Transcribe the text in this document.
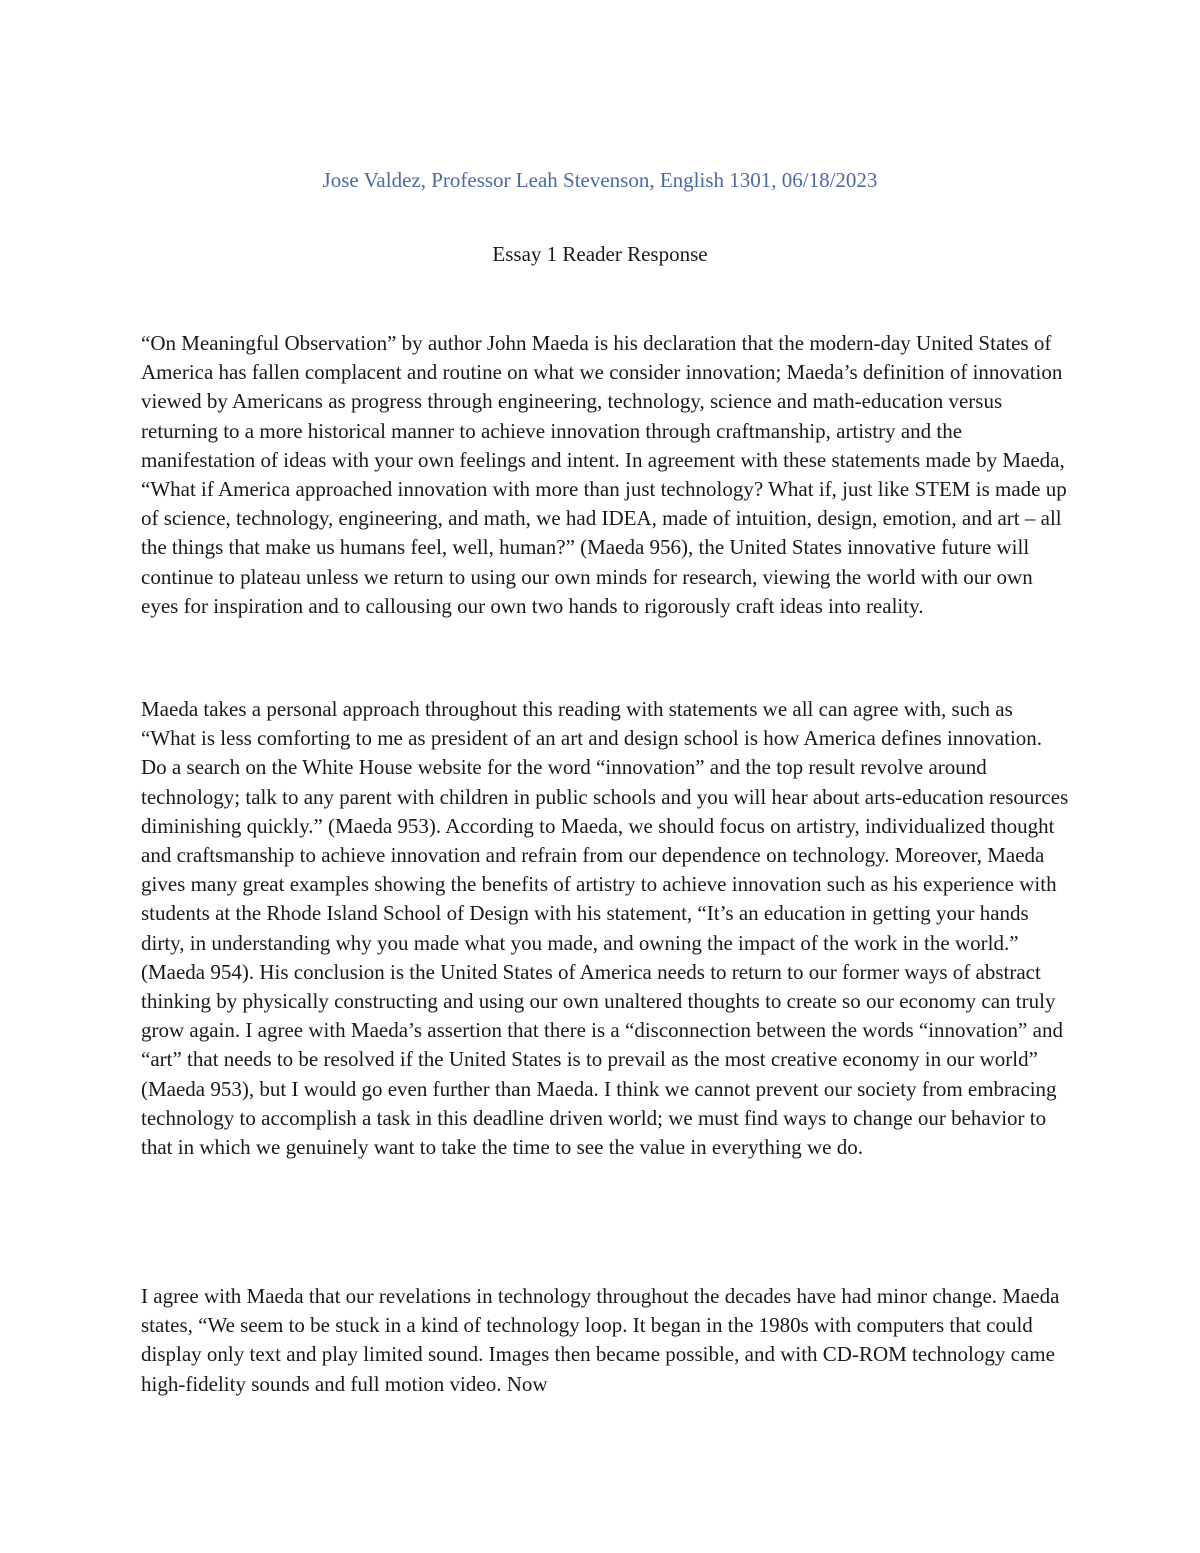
Jose Valdez, Professor Leah Stevenson, English 1301, 06/18/2023

Essay 1 Reader Response

“On Meaningful Observation” by author John Maeda is his declaration that the modern-day United States of America has fallen complacent and routine on what we consider innovation; Maeda’s definition of innovation viewed by Americans as progress through engineering, technology, science and math-education versus returning to a more historical manner to achieve innovation through craftmanship, artistry and the manifestation of ideas with your own feelings and intent. In agreement with these statements made by Maeda, “What if America approached innovation with more than just technology? What if, just like STEM is made up of science, technology, engineering, and math, we had IDEA, made of intuition, design, emotion, and art – all the things that make us humans feel, well, human?” (Maeda 956), the United States innovative future will continue to plateau unless we return to using our own minds for research, viewing the world with our own eyes for inspiration and to callousing our own two hands to rigorously craft ideas into reality.

Maeda takes a personal approach throughout this reading with statements we all can agree with, such as “What is less comforting to me as president of an art and design school is how America defines innovation. Do a search on the White House website for the word “innovation” and the top result revolve around technology; talk to any parent with children in public schools and you will hear about arts-education resources diminishing quickly.” (Maeda 953). According to Maeda, we should focus on artistry, individualized thought and craftsmanship to achieve innovation and refrain from our dependence on technology. Moreover, Maeda gives many great examples showing the benefits of artistry to achieve innovation such as his experience with students at the Rhode Island School of Design with his statement, “It’s an education in getting your hands dirty, in understanding why you made what you made, and owning the impact of the work in the world.” (Maeda 954). His conclusion is the United States of America needs to return to our former ways of abstract thinking by physically constructing and using our own unaltered thoughts to create so our economy can truly grow again. I agree with Maeda’s assertion that there is a “disconnection between the words “innovation” and “art” that needs to be resolved if the United States is to prevail as the most creative economy in our world” (Maeda 953), but I would go even further than Maeda. I think we cannot prevent our society from embracing technology to accomplish a task in this deadline driven world; we must find ways to change our behavior to that in which we genuinely want to take the time to see the value in everything we do.

I agree with Maeda that our revelations in technology throughout the decades have had minor change. Maeda states, “We seem to be stuck in a kind of technology loop. It began in the 1980s with computers that could display only text and play limited sound. Images then became possible, and with CD-ROM technology came high-fidelity sounds and full motion video. Now
